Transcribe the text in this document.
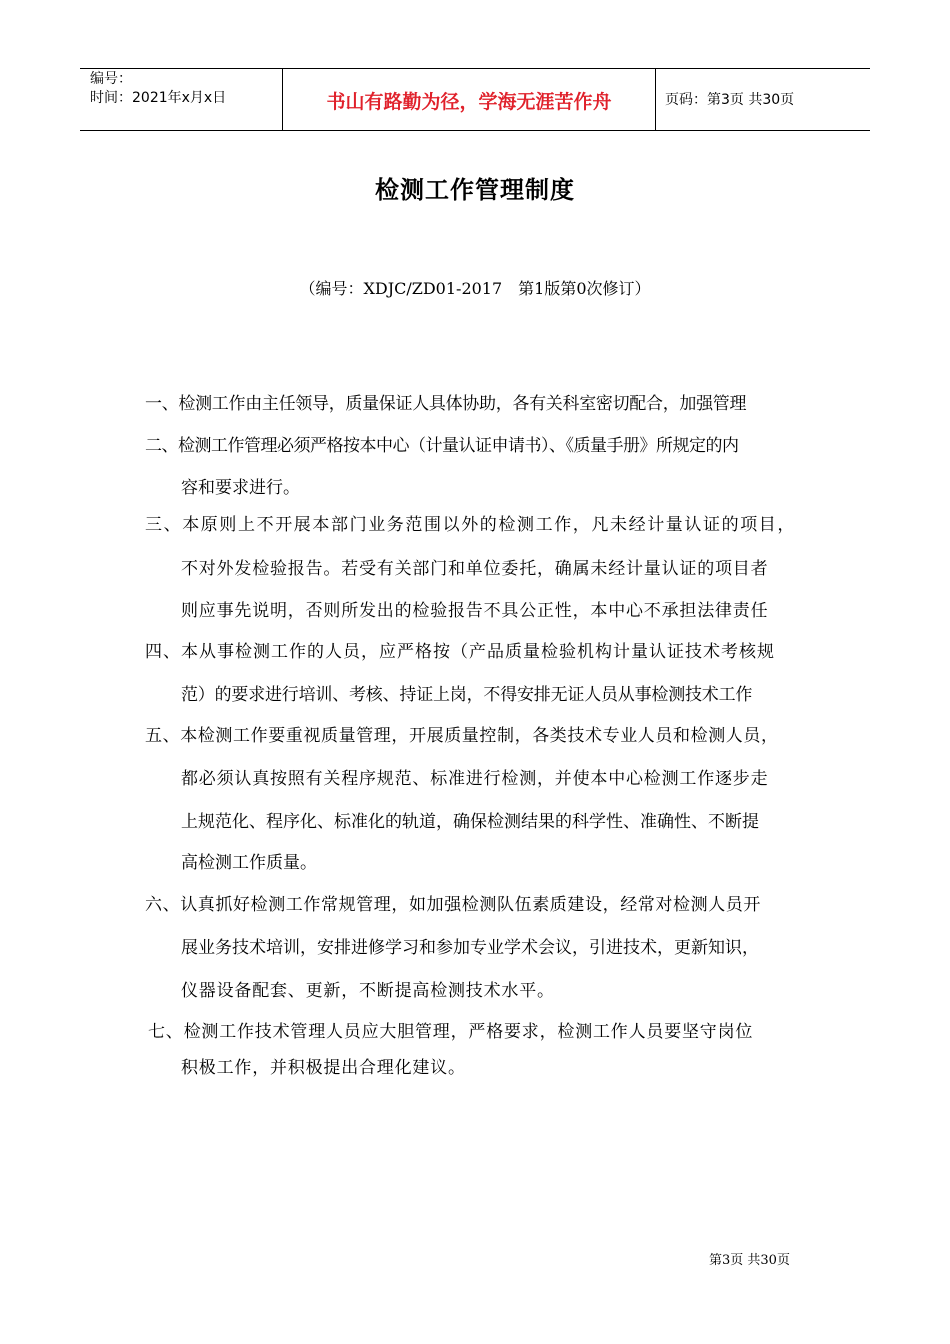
编号：
时间：2021年x月x日	书山有路勤为径，学海无涯苦作舟	页码：第3页 共30页
检测工作管理制度
（编号：XDJC/ZD01-2017　第1版第0次修订）
一、检测工作由主任领导，质量保证人具体协助，各有关科室密切配合，加强管理
二、检测工作管理必须严格按本中心（计量认证申请书）、《质量手册》所规定的内
容和要求进行。
三、本原则上不开展本部门业务范围以外的检测工作，凡未经计量认证的项目，
不对外发检验报告。若受有关部门和单位委托，确属未经计量认证的项目者
则应事先说明，否则所发出的检验报告不具公正性，本中心不承担法律责任
四、本从事检测工作的人员，应严格按（产品质量检验机构计量认证技术考核规
范）的要求进行培训、考核、持证上岗，不得安排无证人员从事检测技术工作
五、本检测工作要重视质量管理，开展质量控制，各类技术专业人员和检测人员，
都必须认真按照有关程序规范、标准进行检测，并使本中心检测工作逐步走
上规范化、程序化、标准化的轨道，确保检测结果的科学性、准确性、不断提
高检测工作质量。
六、认真抓好检测工作常规管理，如加强检测队伍素质建设，经常对检测人员开
展业务技术培训，安排进修学习和参加专业学术会议，引进技术，更新知识，
仪器设备配套、更新，不断提高检测技术水平。
七、检测工作技术管理人员应大胆管理，严格要求，检测工作人员要坚守岗位
积极工作，并积极提出合理化建议。
第3页 共30页
